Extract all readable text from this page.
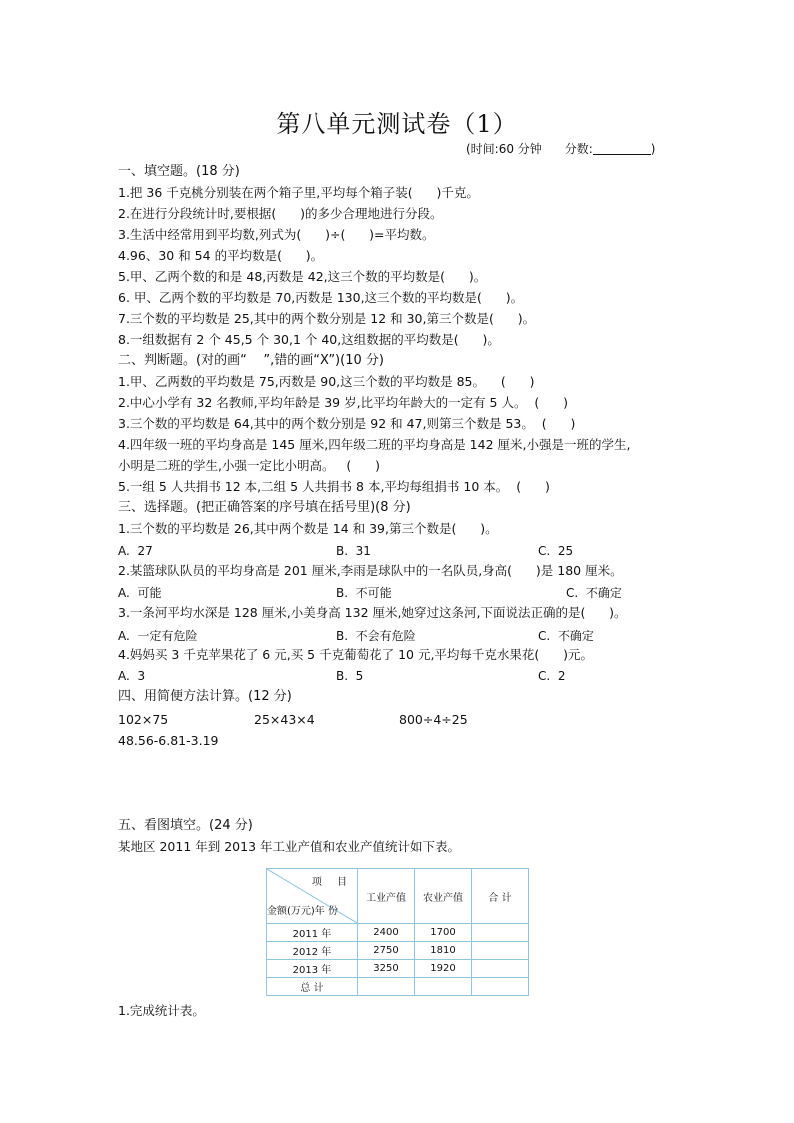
第八单元测试卷（1）
(时间:60 分钟      分数:	)
一、填空题。(18 分)
1.把 36 千克桃分别装在两个箱子里,平均每个箱子装(      )千克。
2.在进行分段统计时,要根据(      )的多少合理地进行分段。
3.生活中经常用到平均数,列式为(      )÷(      )=平均数。
4.96、30 和 54 的平均数是(      )。
5.甲、乙两个数的和是 48,丙数是 42,这三个数的平均数是(      )。
6. 甲、乙两个数的平均数是 70,丙数是 130,这三个数的平均数是(      )。
7.三个数的平均数是 25,其中的两个数分别是 12 和 30,第三个数是(      )。
8.一组数据有 2 个 45,5 个 30,1 个 40,这组数据的平均数是(      )。
二、判断题。(对的画“    ”,错的画“X”)(10 分)
1.甲、乙两数的平均数是 75,丙数是 90,这三个数的平均数是 85。    (      )
2.中心小学有 32 名教师,平均年龄是 39 岁,比平均年龄大的一定有 5 人。  (      )
3.三个数的平均数是 64,其中的两个数分别是 92 和 47,则第三个数是 53。  (      )
4.四年级一班的平均身高是 145 厘米,四年级二班的平均身高是 142 厘米,小强是一班的学生,
小明是二班的学生,小强一定比小明高。   (      )
5.一组 5 人共捐书 12 本,二组 5 人共捐书 8 本,平均每组捐书 10 本。  (      )
三、选择题。(把正确答案的序号填在括号里)(8 分)
1.三个数的平均数是 26,其中两个数是 14 和 39,第三个数是(      )。
2.某篮球队队员的平均身高是 201 厘米,李雨是球队中的一名队员,身高(      )是 180 厘米。
3.一条河平均水深是 128 厘米,小美身高 132 厘米,她穿过这条河,下面说法正确的是(      )。
4.妈妈买 3 千克苹果花了 6 元,买 5 千克葡萄花了 10 元,平均每千克水果花(      )元。
四、用简便方法计算。(12 分)
五、看图填空。(24 分)
某地区 2011 年到 2013 年工业产值和农业产值统计如下表。
1.完成统计表。
A.  27	B.  31	C.  25
A.  可能	B.  不可能	C.  不确定
A.  一定有危险	B.  不会有危险	C.  不确定
A.  3	B.  5	C.  2
102×75	25×43×4	800÷4÷25
48.56-6.81-3.19
项 目
金额(万元)年 份	工业产值	农业产值	合 计
2011 年	2400	1700	
2012 年	2750	1810	
2013 年	3250	1920	
总 计			
